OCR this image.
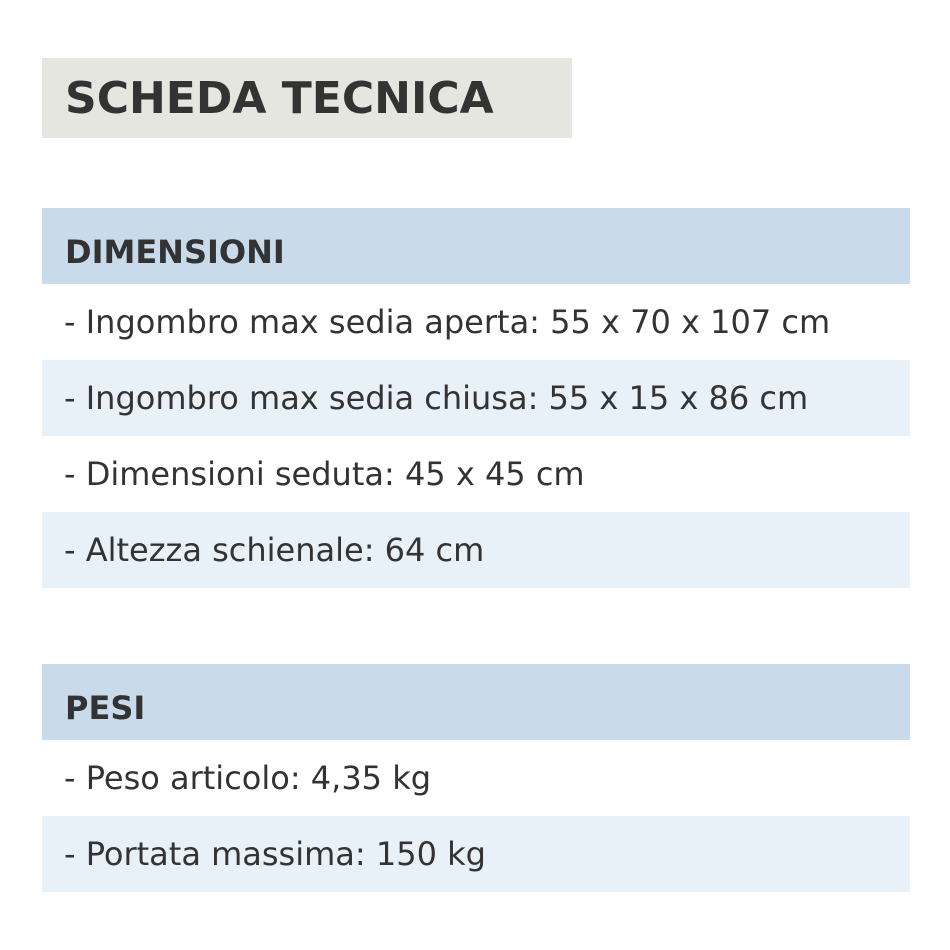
SCHEDA TECNICA
DIMENSIONI
- Ingombro max sedia aperta: 55 x 70 x 107 cm
- Ingombro max sedia chiusa: 55 x 15 x 86 cm
- Dimensioni seduta: 45 x 45 cm
- Altezza schienale: 64 cm
PESI
- Peso articolo: 4,35 kg
- Portata massima: 150 kg
